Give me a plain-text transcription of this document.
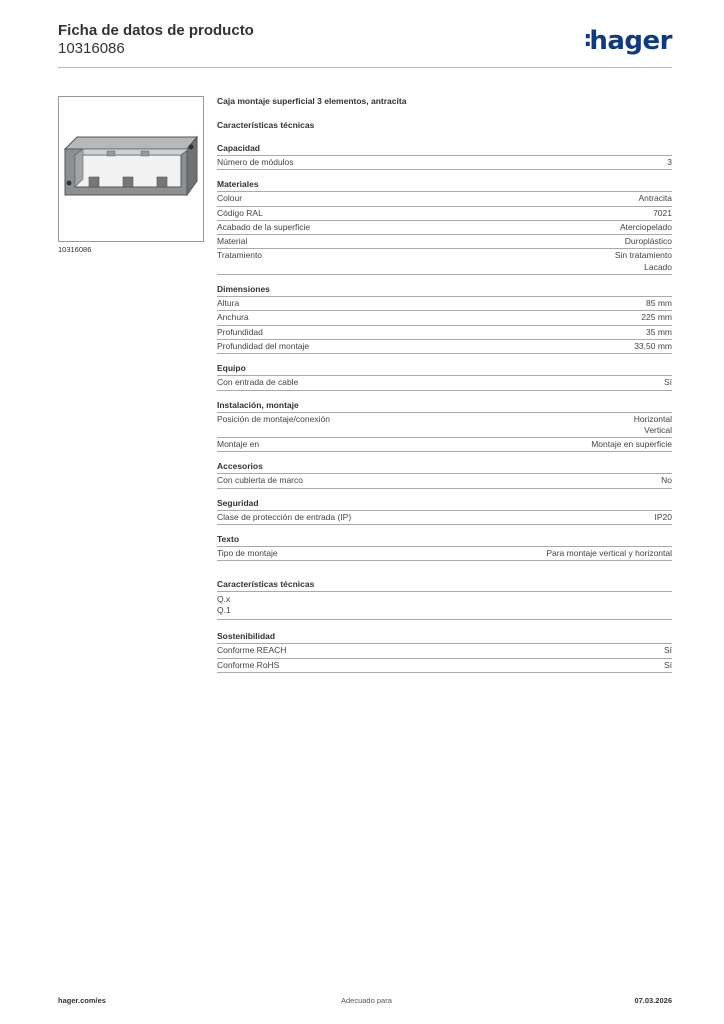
Ficha de datos de producto
10316086	:hager
10316086
Caja montaje superficial 3 elementos, antracita
Características técnicas
Capacidad
Número de módulos	3
Materiales
Colour	Antracita
Código RAL	7021
Acabado de la superficie	Aterciopelado
Material	Duroplástico
Tratamiento	Sin tratamiento
Lacado
Dimensiones
Altura	85 mm
Anchura	225 mm
Profundidad	35 mm
Profundidad del montaje	33,50 mm
Equipo
Con entrada de cable	Sí
Instalación, montaje
Posición de montaje/conexión	Horizontal
Vertical
Montaje en	Montaje en superficie
Accesorios
Con cubierta de marco	No
Seguridad
Clase de protección de entrada (IP)	IP20
Texto
Tipo de montaje	Para montaje vertical y horizontal
Características técnicas
Q.x
Q.1
Sostenibilidad
Conforme REACH	Sí
Conforme RoHS	Sí
hager.com/es	Adecuado para	07.03.2026
